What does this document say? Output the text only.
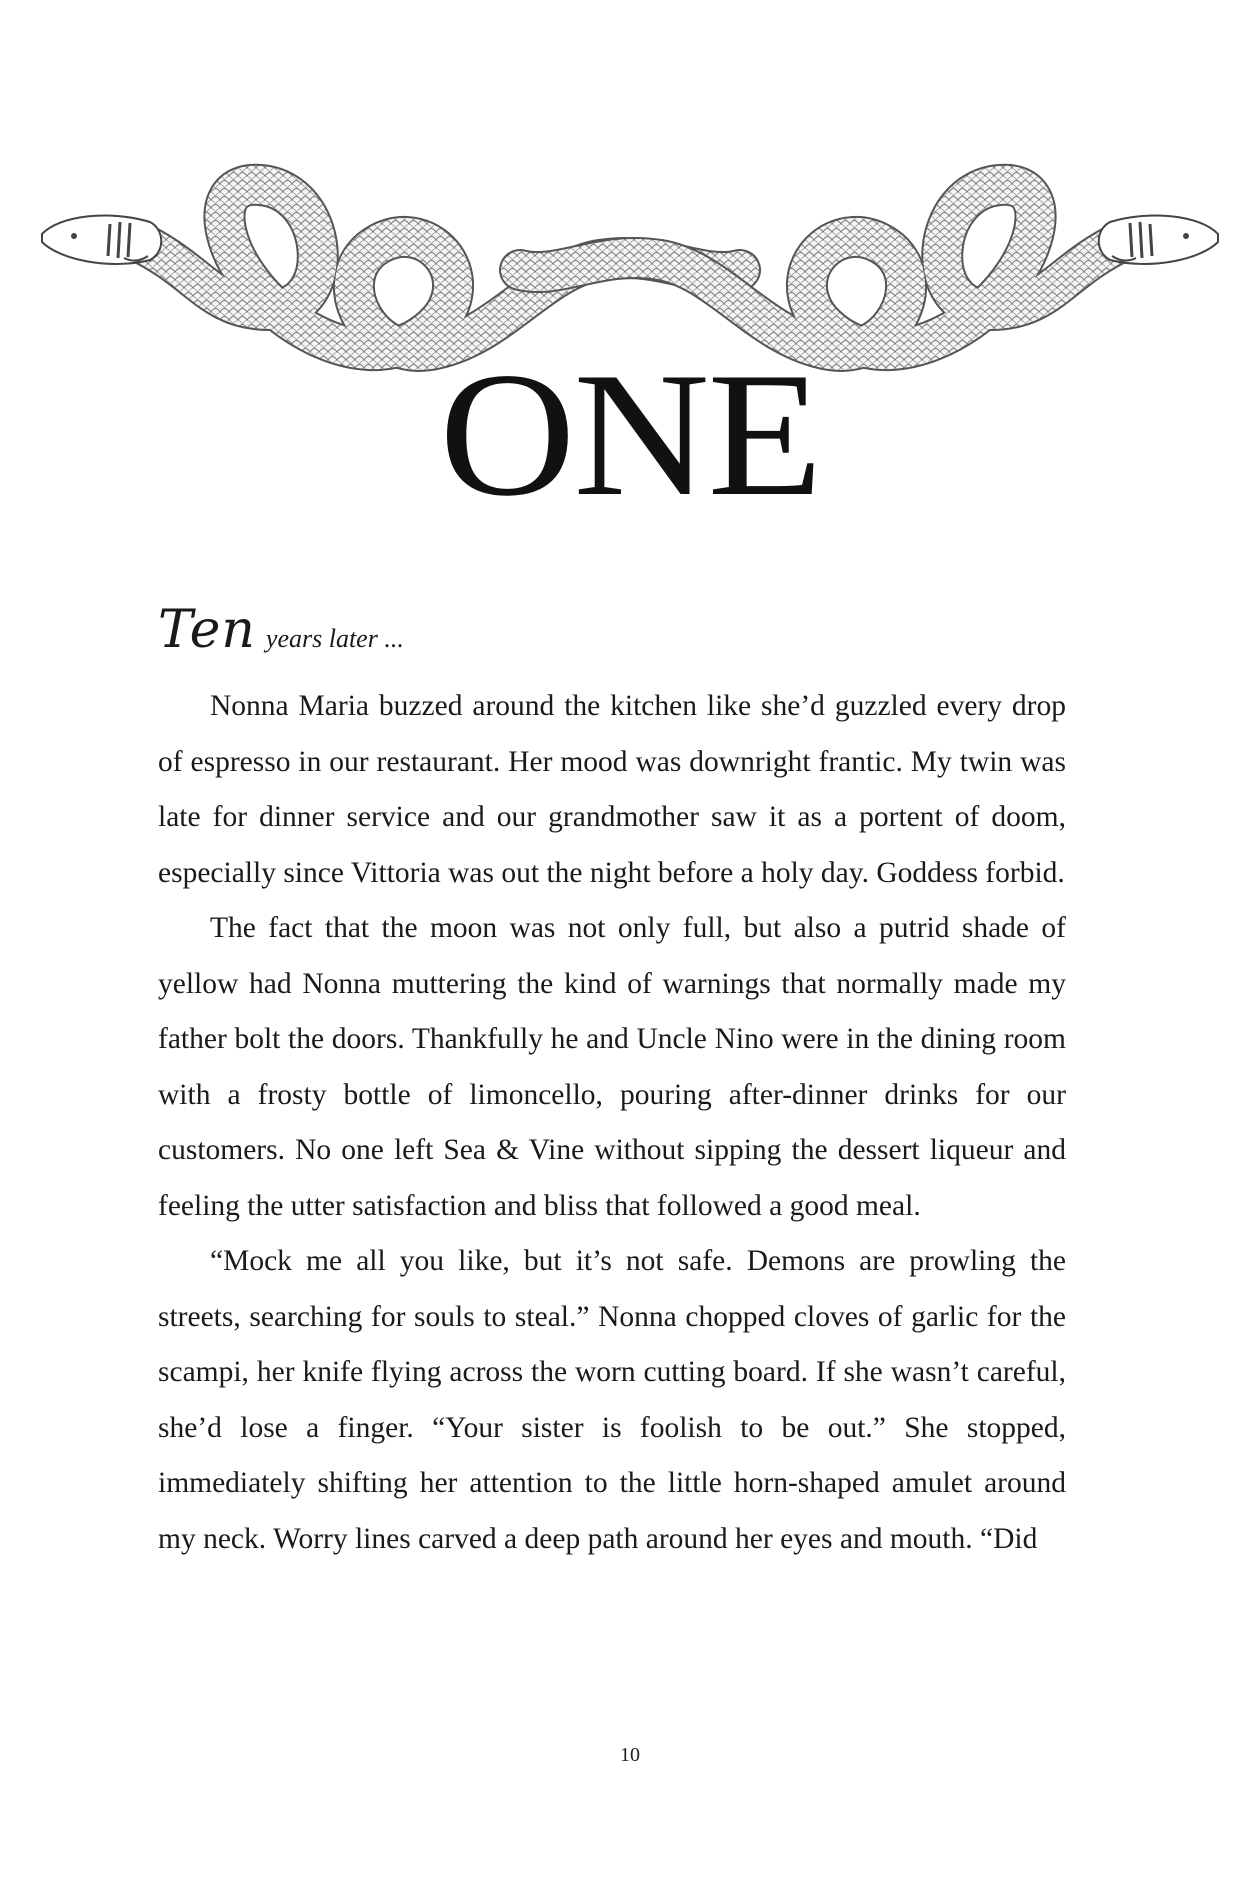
ONE

Ten years later ...

Nonna Maria buzzed around the kitchen like she’d guzzled every drop of espresso in our restaurant. Her mood was downright frantic. My twin was late for dinner service and our grandmother saw it as a portent of doom, especially since Vittoria was out the night before a holy day. Goddess forbid.

The fact that the moon was not only full, but also a putrid shade of yellow had Nonna muttering the kind of warnings that normally made my father bolt the doors. Thankfully he and Uncle Nino were in the dining room with a frosty bottle of limoncello, pouring after-dinner drinks for our customers. No one left Sea & Vine without sipping the dessert liqueur and feeling the utter satisfaction and bliss that followed a good meal.

“Mock me all you like, but it’s not safe. Demons are prowling the streets, searching for souls to steal.” Nonna chopped cloves of garlic for the scampi, her knife flying across the worn cutting board. If she wasn’t careful, she’d lose a finger. “Your sister is foolish to be out.” She stopped, immediately shifting her attention to the little horn-shaped amulet around my neck. Worry lines carved a deep path around her eyes and mouth. “Did

10
